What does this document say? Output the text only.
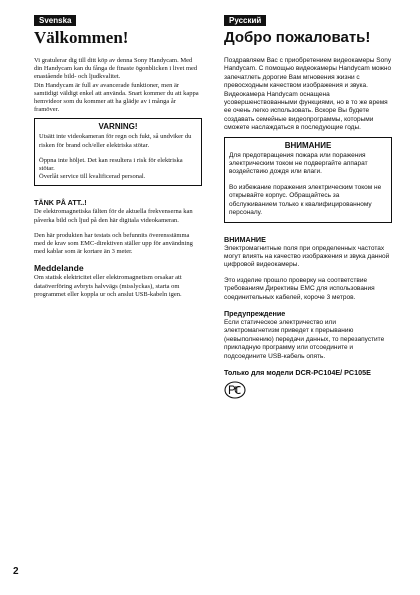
Svenska
Välkommen!

Vi gratulerar dig till ditt köp av denna Sony Handycam. Med din Handycam kan du fånga de finaste ögonblicken i livet med enastående bild- och ljudkvalitet.

Din Handycam är full av avancerade funktioner, men är samtidigt väldigt enkel att använda. Snart kommer du att kappa hemvideor som du kommer att ha glädje av i många år framöver.

VARNING!

Utsätt inte videokameran för regn och fukt, så undviker du risken för brand och/eller elektriska stötar.

Öppna inte höljet. Det kan resultera i risk för elektriska stötar.

Överlåt service till kvalificerad personal.

TÄNK PÅ ATT..!

De elektromagnetiska fälten för de aktuella frekvenserna kan påverka bild och ljud på den här digitala videokameran.

Den här produkten har testats och befunnits överensstämma med de krav som EMC-direktiven ställer upp för användning med kablar som är kortare än 3 meter.

Meddelande

Om statisk elektricitet eller elektromagnetism orsakar att dataöverföring avbryts halvvägs (misslyckas), starta om programmet eller koppla ur och anslut USB-kabeln igen.

Русский
Добро пожаловать!

Поздравляем Вас с приобретением видеокамеры Sony Handycam. С помощью видеокамеры Handycam можно запечатлеть дорогие Вам мгновения жизни с превосходным качеством изображения и звука.

Видеокамера Handycam оснащена усовершенствованными функциями, но в то же время ее очень легко использовать. Вскоре Вы будете создавать семейные видеопрограммы, которыми сможете наслаждаться в последующие годы.

ВНИМАНИЕ

Для предотвращения пожара или поражения электрическим током не подвергайте аппарат воздействию дождя или влаги.

Во избежание поражения электрическим током не открывайте корпус. Обращайтесь за обслуживанием только к квалифицированному персоналу.

ВНИМАНИЕ

Электромагнитные поля при определенных частотах могут влиять на качество изображения и звука данной цифровой видеокамеры.

Это изделие прошло проверку на соответствие требованиям Директивы ЕМС для использования соединительных кабелей, короче 3 метров.

Предупреждение

Если статическое электричество или электромагнетизм приведет к прерыванию (невыполнению) передачи данных, то перезапустите прикладную программу или отсоедините и подсоедините USB-кабель опять.

Только для модели DCR-PC104E/ PC105E
2
